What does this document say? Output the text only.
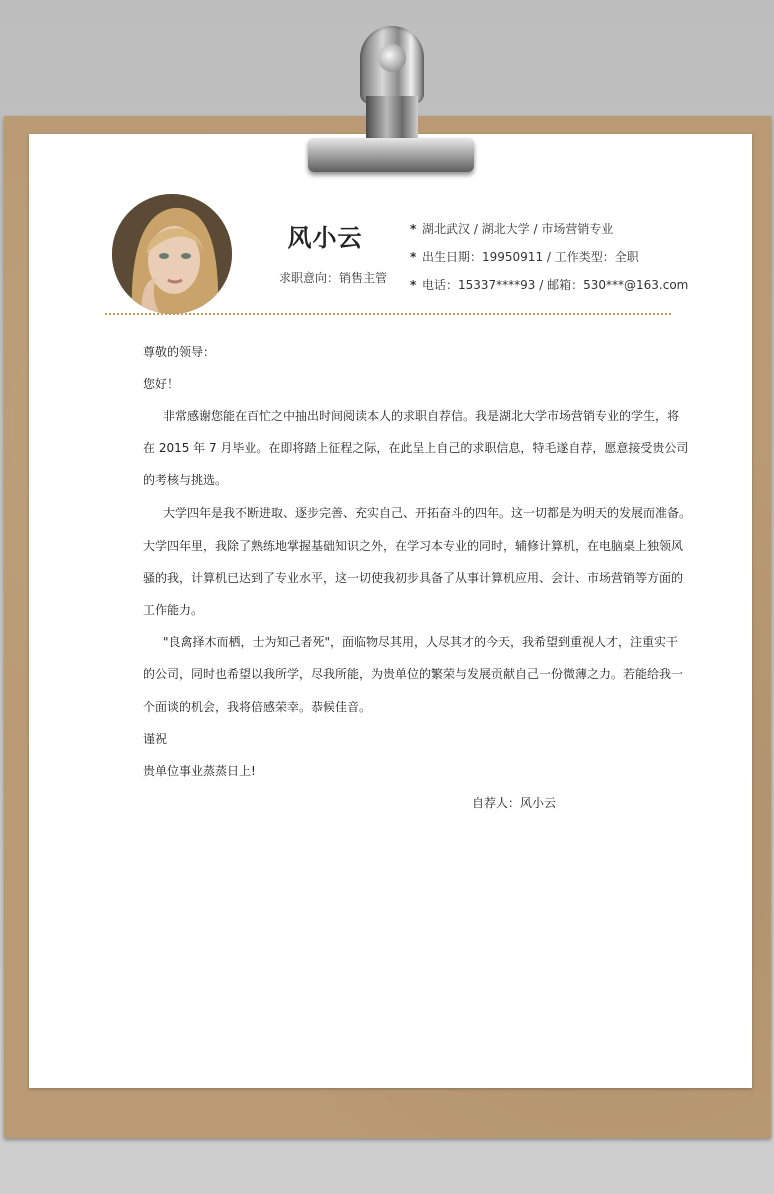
风小云
求职意向：销售主管
* 湖北武汉 / 湖北大学 / 市场营销专业
* 出生日期：19950911 / 工作类型：全职
* 电话：15337****93 / 邮箱：530***@163.com
尊敬的领导：
您好！
非常感谢您能在百忙之中抽出时间阅读本人的求职自荐信。我是湖北大学市场营销专业的学生，将
在 2015 年 7 月毕业。在即将踏上征程之际，在此呈上自己的求职信息，特毛遂自荐，愿意接受贵公司
的考核与挑选。
大学四年是我不断进取、逐步完善、充实自己、开拓奋斗的四年。这一切都是为明天的发展而准备。
大学四年里，我除了熟练地掌握基础知识之外，在学习本专业的同时，辅修计算机，在电脑桌上独领风
骚的我，计算机已达到了专业水平，这一切使我初步具备了从事计算机应用、会计、市场营销等方面的
工作能力。
"良禽择木而栖，士为知己者死"，面临物尽其用，人尽其才的今天，我希望到重视人才，注重实干
的公司，同时也希望以我所学，尽我所能，为贵单位的繁荣与发展贡献自己一份微薄之力。若能给我一
个面谈的机会，我将倍感荣幸。恭候佳音。
谨祝
贵单位事业蒸蒸日上!
自荐人：风小云
